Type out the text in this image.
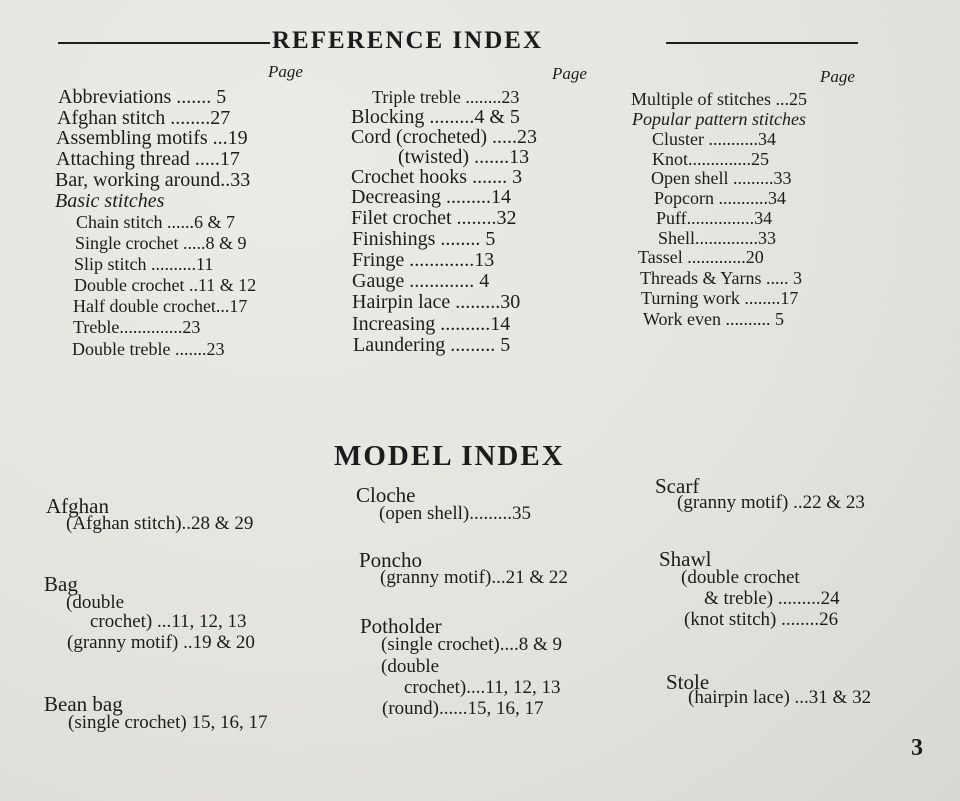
REFERENCE INDEX
Page	Page	Page
Abbreviations ....... 5
Afghan stitch ........27
Assembling motifs ...19
Attaching thread .....17
Bar, working around..33
Basic stitches
Chain stitch ......6 & 7
Single crochet .....8 & 9
Slip stitch ..........11
Double crochet ..11 & 12
Half double crochet...17
Treble..............23
Double treble .......23
Triple treble ........23
Blocking .........4 & 5
Cord (crocheted) .....23
(twisted) .......13
Crochet hooks ....... 3
Decreasing .........14
Filet crochet ........32
Finishings ........ 5
Fringe .............13
Gauge ............. 4
Hairpin lace .........30
Increasing ..........14
Laundering ......... 5
Multiple of stitches ...25
Popular pattern stitches
Cluster ...........34
Knot..............25
Open shell .........33
Popcorn ...........34
Puff...............34
Shell..............33
Tassel .............20
Threads & Yarns ..... 3
Turning work ........17
Work even .......... 5
MODEL INDEX
Afghan
(Afghan stitch)..28 & 29
Bag
(double
crochet) ...11, 12, 13
(granny motif) ..19 & 20
Bean bag
(single crochet) 15, 16, 17
Cloche
(open shell).........35
Poncho
(granny motif)...21 & 22
Potholder
(single crochet)....8 & 9
(double
crochet)....11, 12, 13
(round)......15, 16, 17
Scarf
(granny motif) ..22 & 23
Shawl
(double crochet
& treble) .........24
(knot stitch) ........26
Stole
(hairpin lace) ...31 & 32
3
